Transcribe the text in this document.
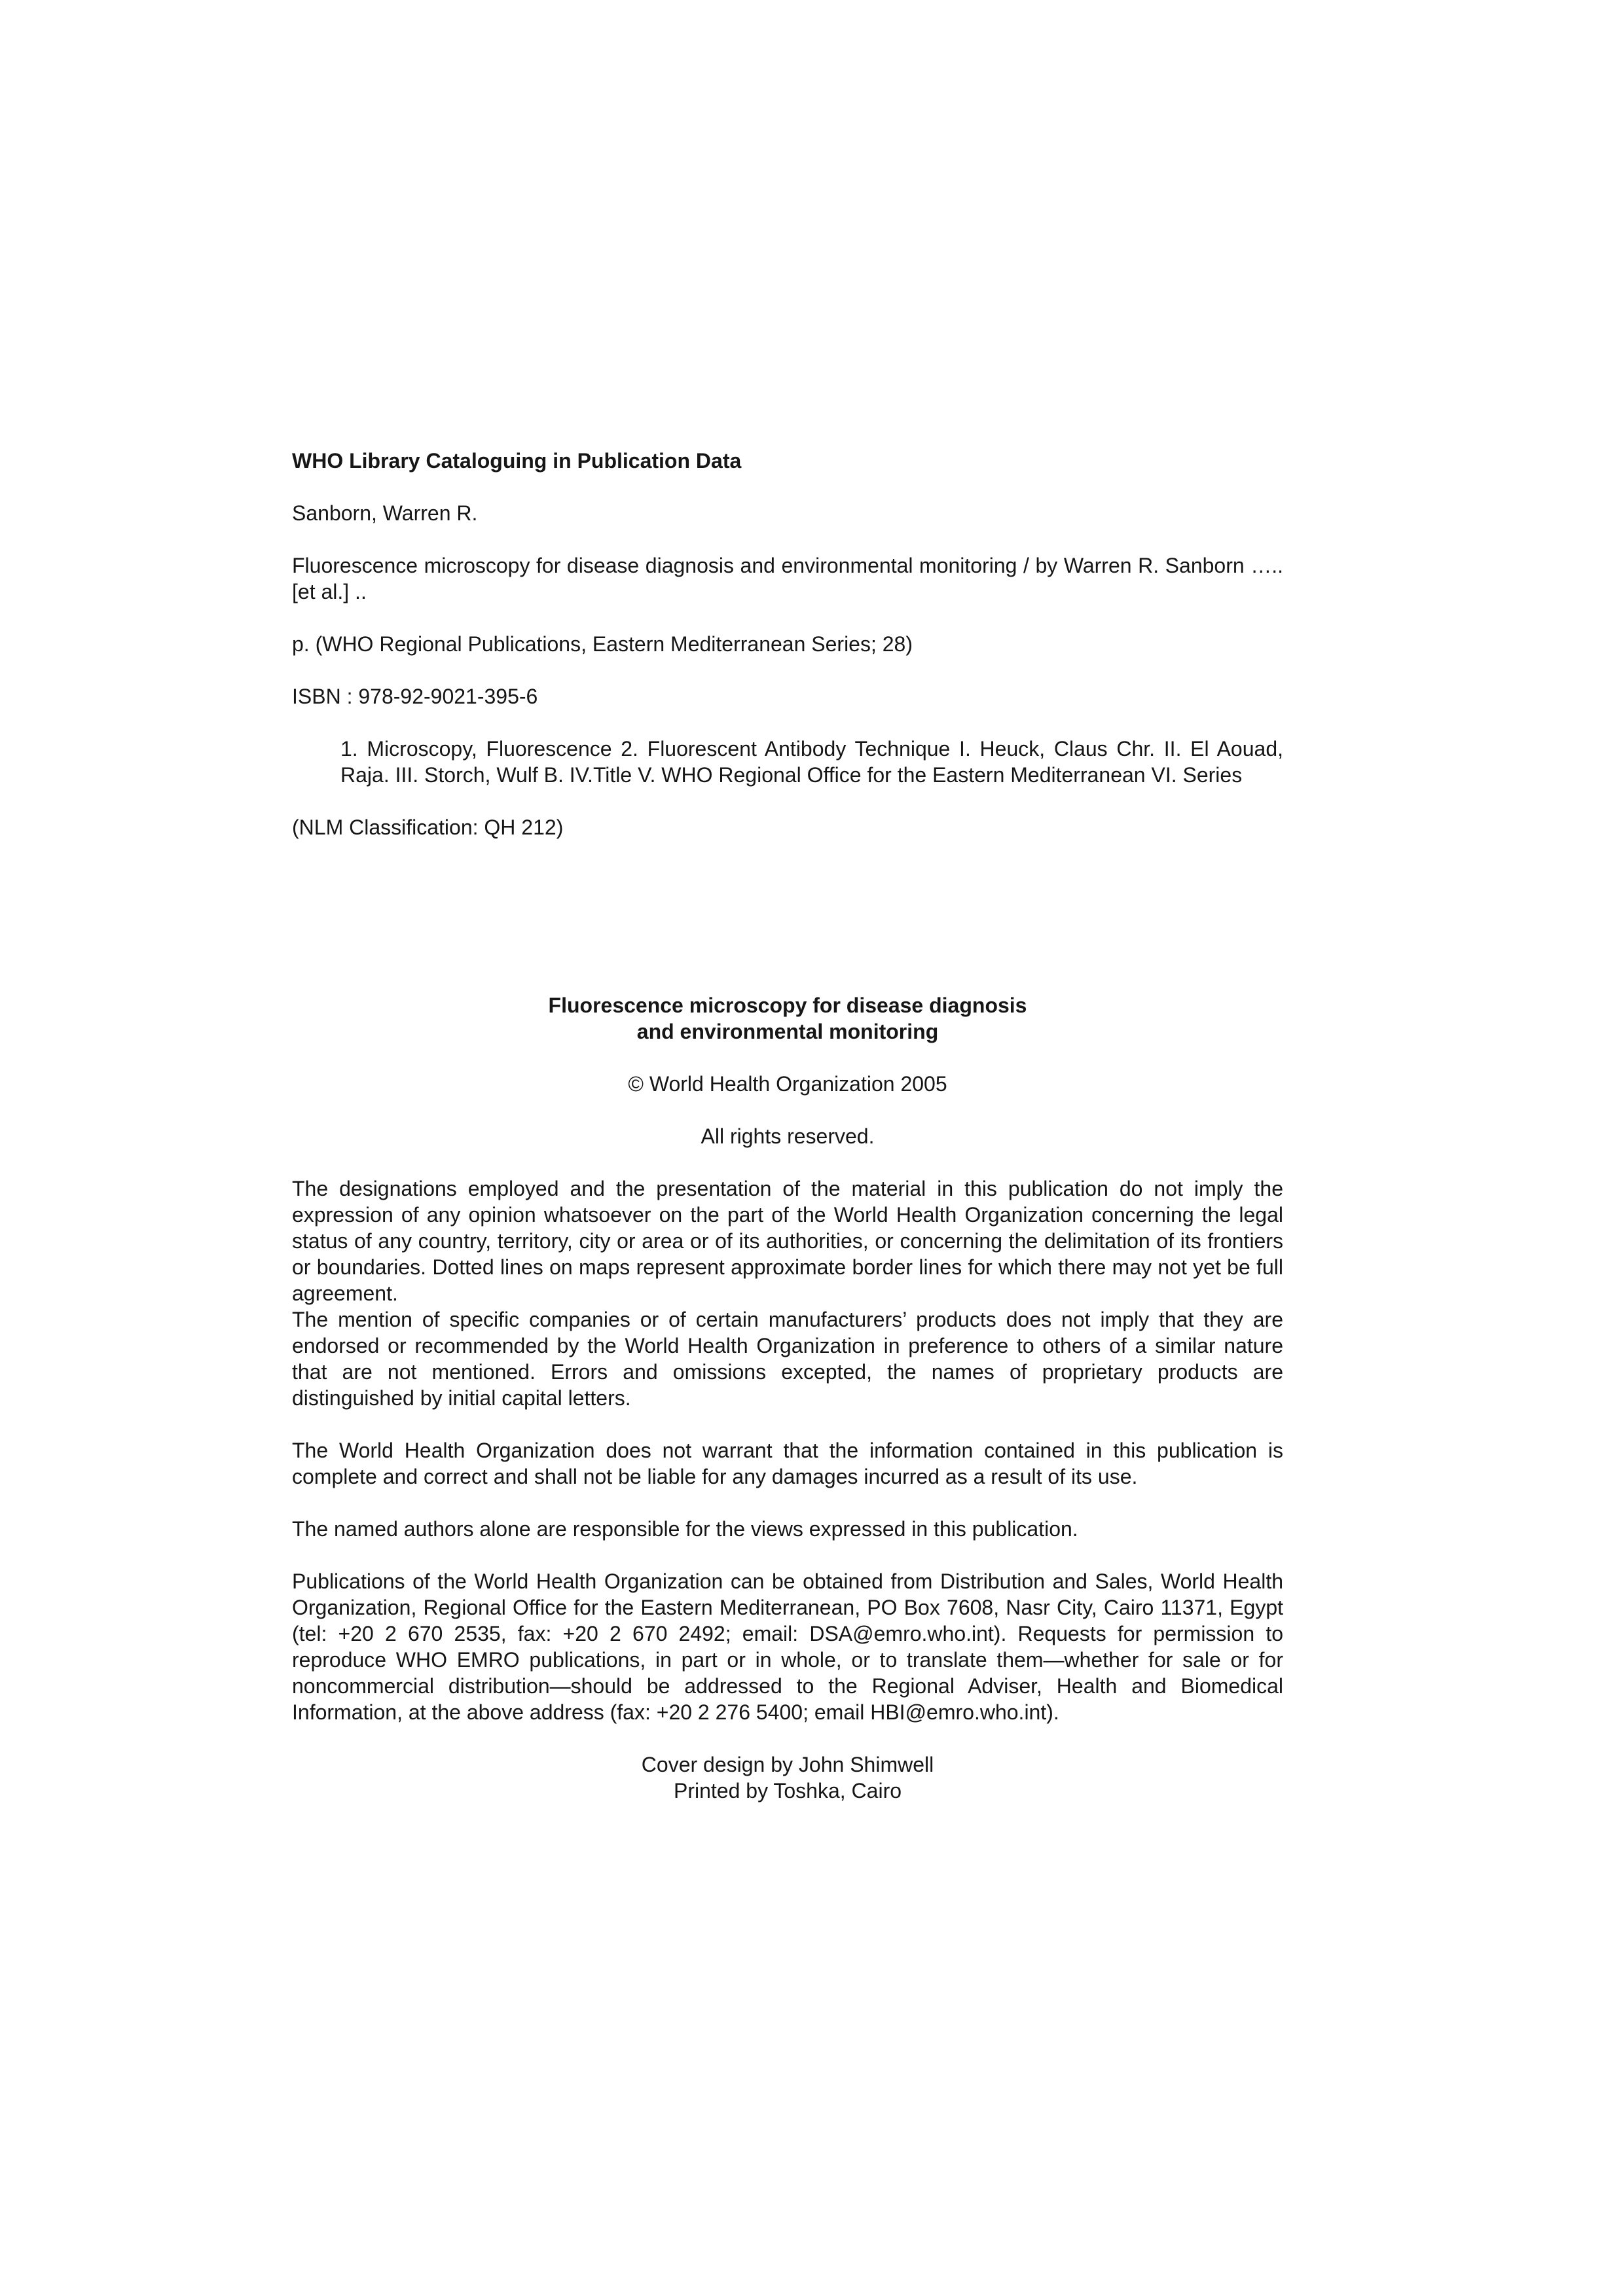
WHO Library Cataloguing in Publication Data

Sanborn, Warren R.

Fluorescence microscopy for disease diagnosis and environmental monitoring / by Warren R. Sanborn ….. [et al.] ..

p. (WHO Regional Publications, Eastern Mediterranean Series; 28)

ISBN : 978-92-9021-395-6

1. Microscopy, Fluorescence 2. Fluorescent Antibody Technique I. Heuck, Claus Chr. II. El Aouad, Raja. III. Storch, Wulf B. IV.Title V. WHO Regional Office for the Eastern Mediterranean VI. Series

(NLM Classification: QH 212)

Fluorescence microscopy for disease diagnosis
and environmental monitoring

© World Health Organization 2005

All rights reserved.

The designations employed and the presentation of the material in this publication do not imply the expression of any opinion whatsoever on the part of the World Health Organization concerning the legal status of any country, territory, city or area or of its authorities, or concerning the delimitation of its frontiers or boundaries. Dotted lines on maps represent approximate border lines for which there may not yet be full agreement.

The mention of specific companies or of certain manufacturers’ products does not imply that they are endorsed or recommended by the World Health Organization in preference to others of a similar nature that are not mentioned. Errors and omissions excepted, the names of proprietary products are distinguished by initial capital letters.

The World Health Organization does not warrant that the information contained in this publication is complete and correct and shall not be liable for any damages incurred as a result of its use.

The named authors alone are responsible for the views expressed in this publication.

Publications of the World Health Organization can be obtained from Distribution and Sales, World Health Organization, Regional Office for the Eastern Mediterranean, PO Box 7608, Nasr City, Cairo 11371, Egypt (tel: +20 2 670 2535, fax: +20 2 670 2492; email: DSA@emro.who.int). Requests for permission to reproduce WHO EMRO publications, in part or in whole, or to translate them—whether for sale or for noncommercial distribution—should be addressed to the Regional Adviser, Health and Biomedical Information, at the above address (fax: +20 2 276 5400; email HBI@emro.who.int).

Cover design by John Shimwell
Printed by Toshka, Cairo
